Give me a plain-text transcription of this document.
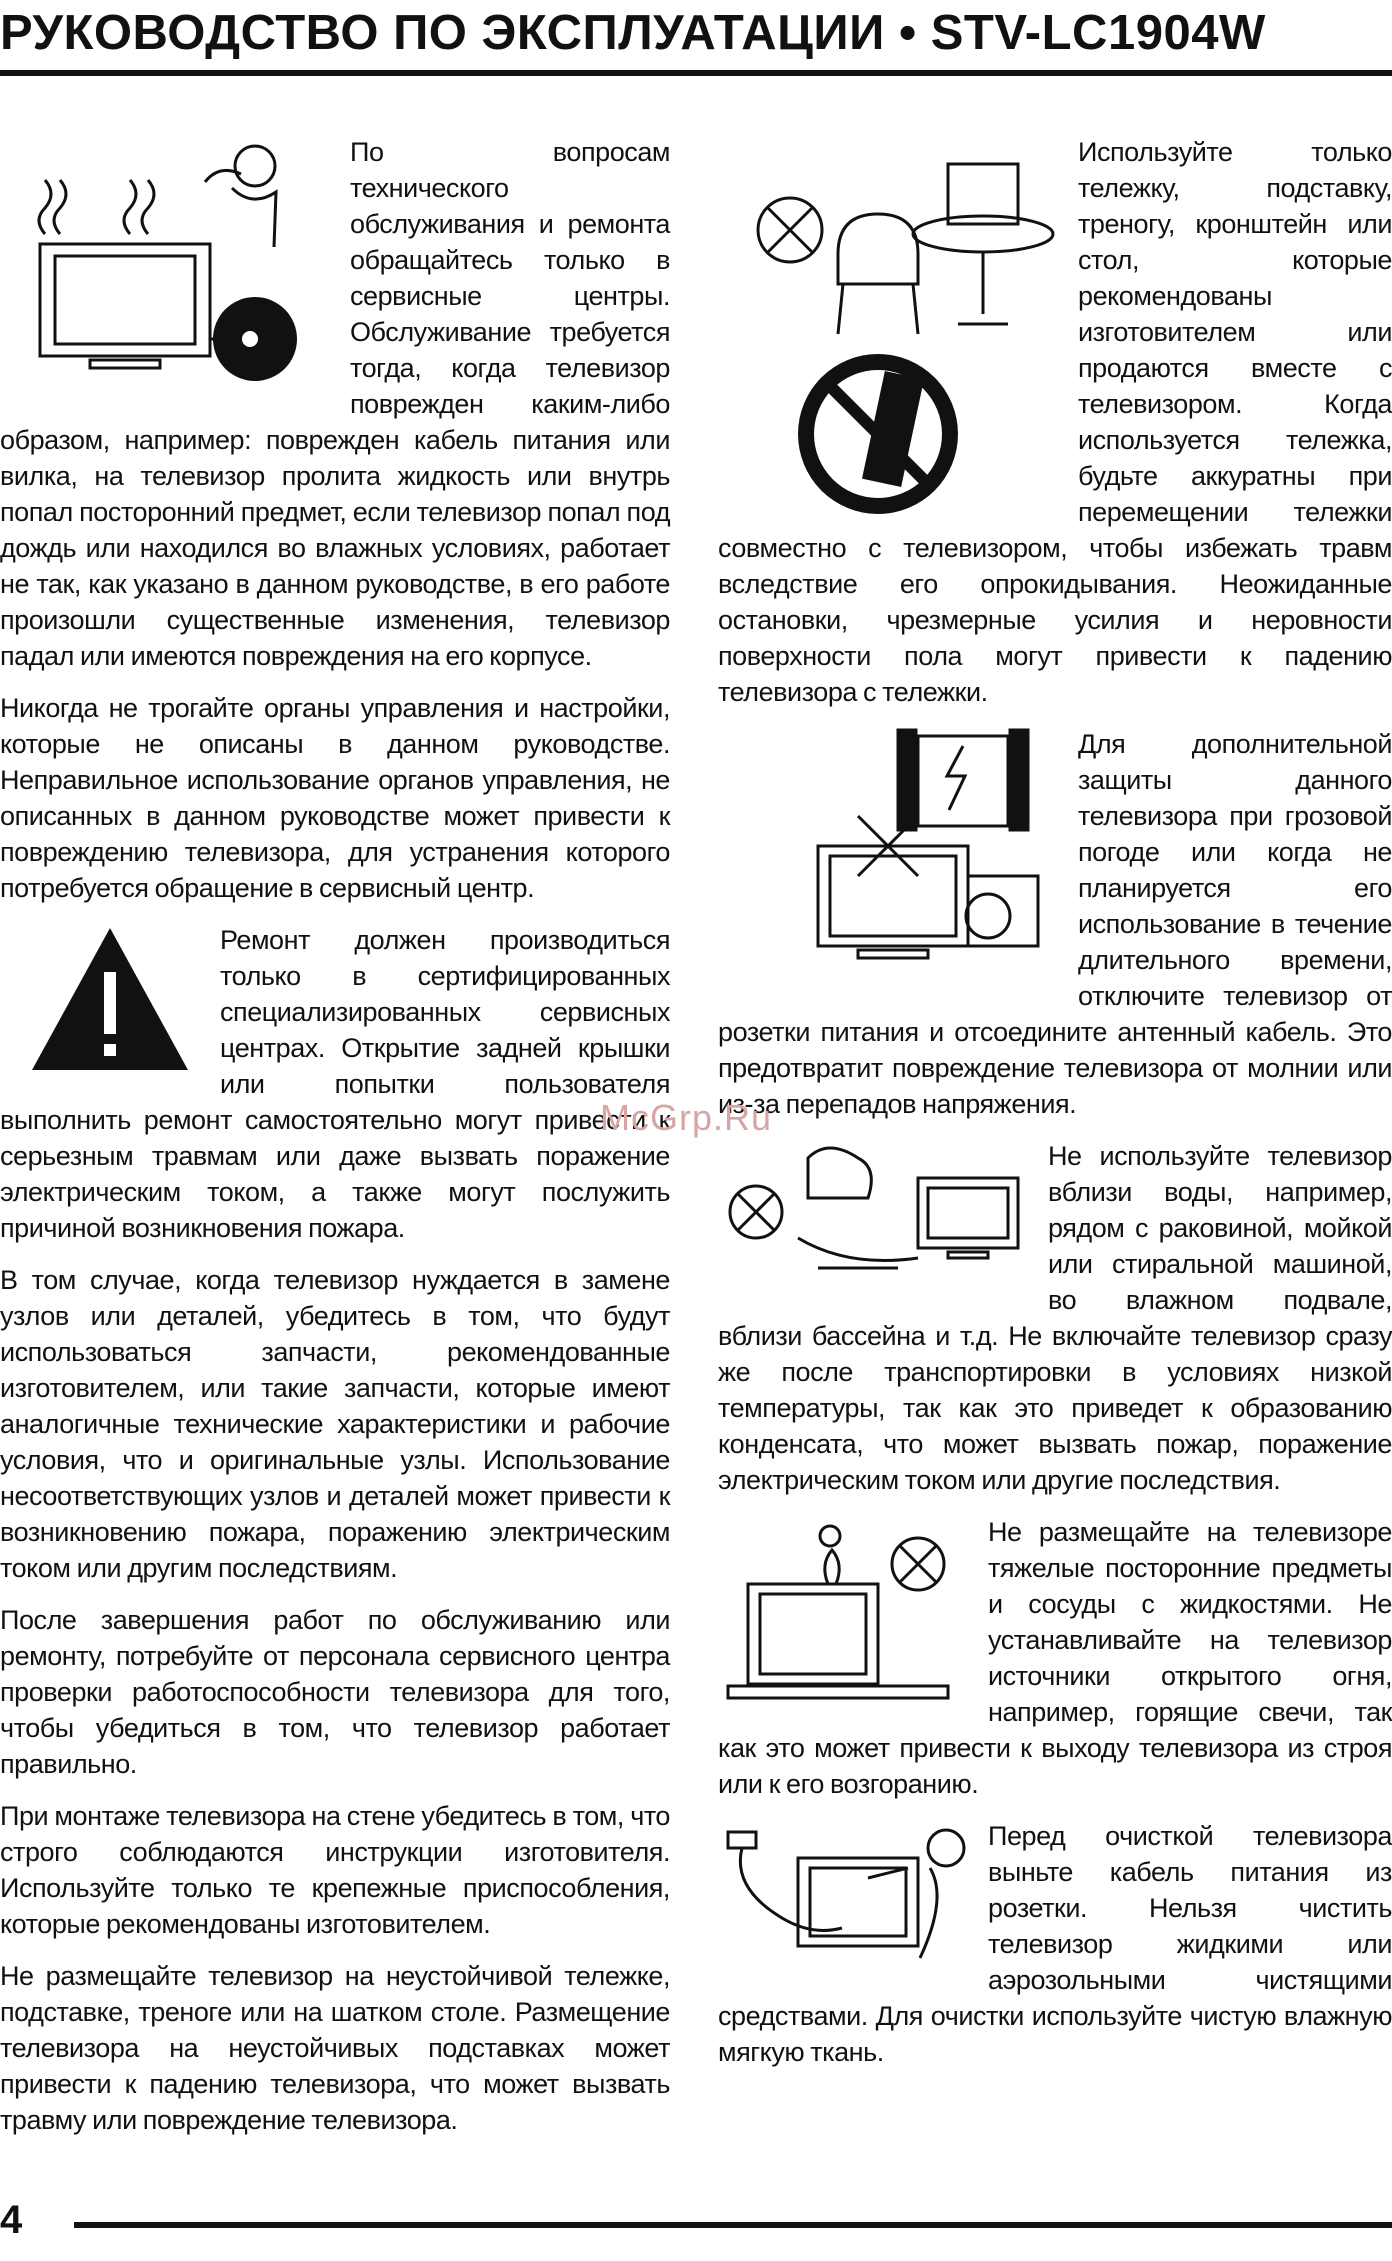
РУКОВОДСТВО ПО ЭКСПЛУАТАЦИИ • STV-LC1904W

По вопросам технического обслуживания и ремонта обращайтесь только в сервисные центры. Обслуживание требуется тогда, когда телевизор поврежден каким-либо образом, например: поврежден кабель питания или вилка, на телевизор пролита жидкость или внутрь попал посторонний предмет, если телевизор попал под дождь или находился во влажных условиях, работает не так, как указано в данном руководстве, в его работе произошли существенные изменения, телевизор падал или имеются повреждения на его корпусе.

Никогда не трогайте органы управления и настройки, которые не описаны в данном руководстве. Неправильное использование органов управления, не описанных в данном руководстве может привести к повреждению телевизора, для устранения которого потребуется обращение в сервисный центр.

Ремонт должен производиться только в сертифицированных специализированных сервисных центрах. Открытие задней крышки или попытки пользователя выполнить ремонт самостоятельно могут привести к серьезным травмам или даже вызвать поражение электрическим током, а также могут послужить причиной возникновения пожара.

В том случае, когда телевизор нуждается в замене узлов или деталей, убедитесь в том, что будут использоваться запчасти, рекомендованные изготовителем, или такие запчасти, которые имеют аналогичные технические характеристики и рабочие условия, что и оригинальные узлы. Использование несоответствующих узлов и деталей может привести к возникновению пожара, поражению электрическим током или другим последствиям.

После завершения работ по обслуживанию или ремонту, потребуйте от персонала сервисного центра проверки работоспособности телевизора для того, чтобы убедиться в том, что телевизор работает правильно.

При монтаже телевизора на стене убедитесь в том, что строго соблюдаются инструкции изготовителя. Используйте только те крепежные приспособления, которые рекомендованы изготовителем.

Не размещайте телевизор на неустойчивой тележке, подставке, треноге или на шатком столе. Размещение телевизора на неустойчивых подставках может привести к падению телевизора, что может вызвать травму или повреждение телевизора.

Используйте только тележку, подставку, треногу, кронштейн или стол, которые рекомендованы изготовителем или продаются вместе с телевизором. Когда используется тележка, будьте аккуратны при перемещении тележки совместно с телевизором, чтобы избежать травм вследствие его опрокидывания. Неожиданные остановки, чрезмерные усилия и неровности поверхности пола могут привести к падению телевизора с тележки.

Для дополнительной защиты данного телевизора при грозовой погоде или когда не планируется его использование в течение длительного времени, отключите телевизор от розетки питания и отсоедините антенный кабель. Это предотвратит повреждение телевизора от молнии или из-за перепадов напряжения.

Не используйте телевизор вблизи воды, например, рядом с раковиной, мойкой или стиральной машиной, во влажном подвале, вблизи бассейна и т.д. Не включайте телевизор сразу же после транспортировки в условиях низкой температуры, так как это приведет к образованию конденсата, что может вызвать пожар, поражение электрическим током или другие последствия.

Не размещайте на телевизоре тяжелые посторонние предметы и сосуды с жидкостями. Не устанавливайте на телевизор источники открытого огня, например, горящие свечи, так как это может привести к выходу телевизора из строя или к его возгоранию.

Перед очисткой телевизора выньте кабель питания из розетки. Нельзя чистить телевизор жидкими или аэрозольными чистящими средствами. Для очистки используйте чистую влажную мягкую ткань.

McGrp.Ru
4
